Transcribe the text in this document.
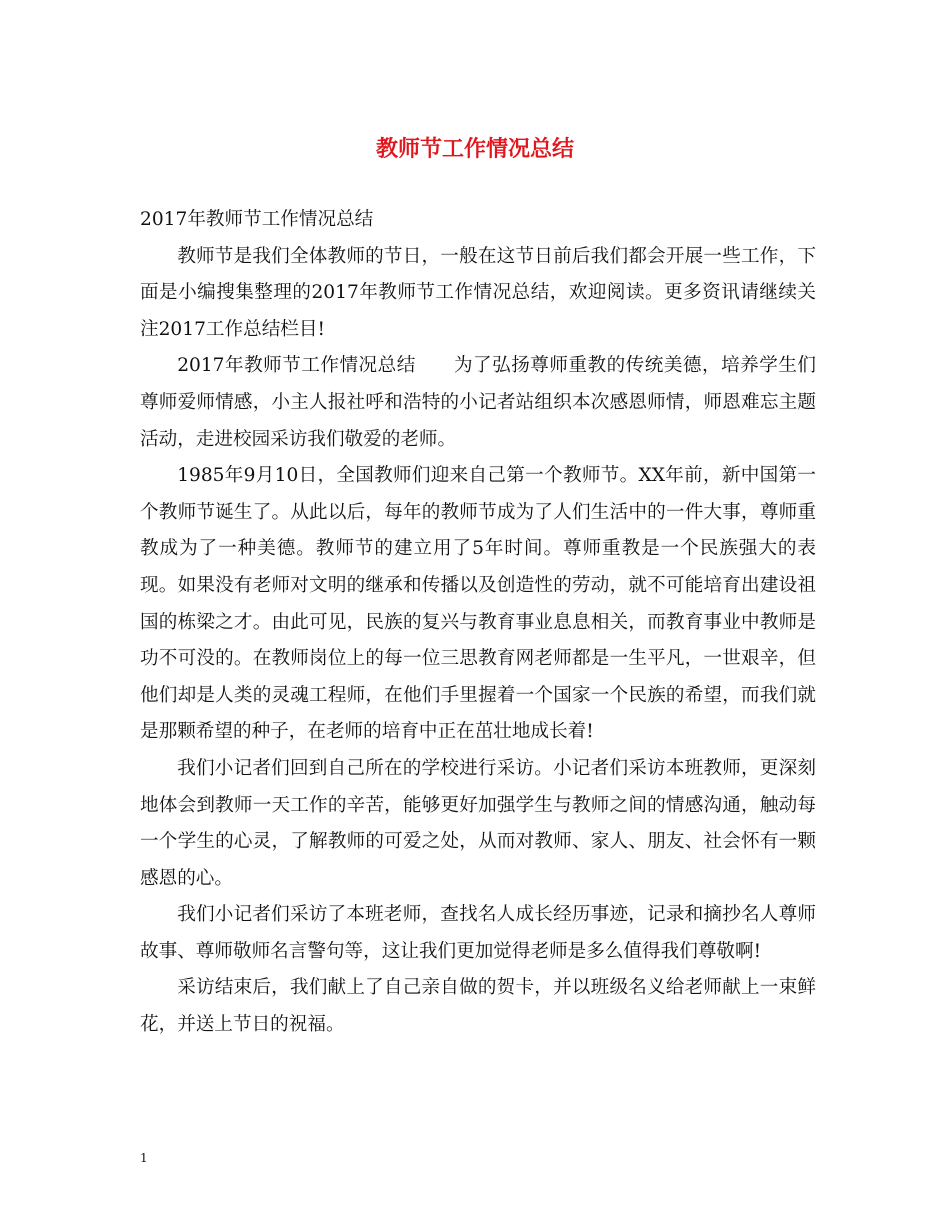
教师节工作情况总结

2017年教师节工作情况总结

教师节是我们全体教师的节日，一般在这节日前后我们都会开展一些工作，下面是小编搜集整理的2017年教师节工作情况总结，欢迎阅读。更多资讯请继续关注2017工作总结栏目!

2017年教师节工作情况总结　　为了弘扬尊师重教的传统美德，培养学生们尊师爱师情感，小主人报社呼和浩特的小记者站组织本次感恩师情，师恩难忘主题活动，走进校园采访我们敬爱的老师。

1985年9月10日，全国教师们迎来自己第一个教师节。XX年前，新中国第一个教师节诞生了。从此以后，每年的教师节成为了人们生活中的一件大事，尊师重教成为了一种美德。教师节的建立用了5年时间。尊师重教是一个民族强大的表现。如果没有老师对文明的继承和传播以及创造性的劳动，就不可能培育出建设祖国的栋梁之才。由此可见，民族的复兴与教育事业息息相关，而教育事业中教师是功不可没的。在教师岗位上的每一位三思教育网老师都是一生平凡，一世艰辛，但他们却是人类的灵魂工程师，在他们手里握着一个国家一个民族的希望，而我们就是那颗希望的种子，在老师的培育中正在茁壮地成长着!

我们小记者们回到自己所在的学校进行采访。小记者们采访本班教师，更深刻地体会到教师一天工作的辛苦，能够更好加强学生与教师之间的情感沟通，触动每一个学生的心灵，了解教师的可爱之处，从而对教师、家人、朋友、社会怀有一颗感恩的心。

我们小记者们采访了本班老师，查找名人成长经历事迹，记录和摘抄名人尊师故事、尊师敬师名言警句等，这让我们更加觉得老师是多么值得我们尊敬啊!

采访结束后，我们献上了自己亲自做的贺卡，并以班级名义给老师献上一束鲜花，并送上节日的祝福。

1
